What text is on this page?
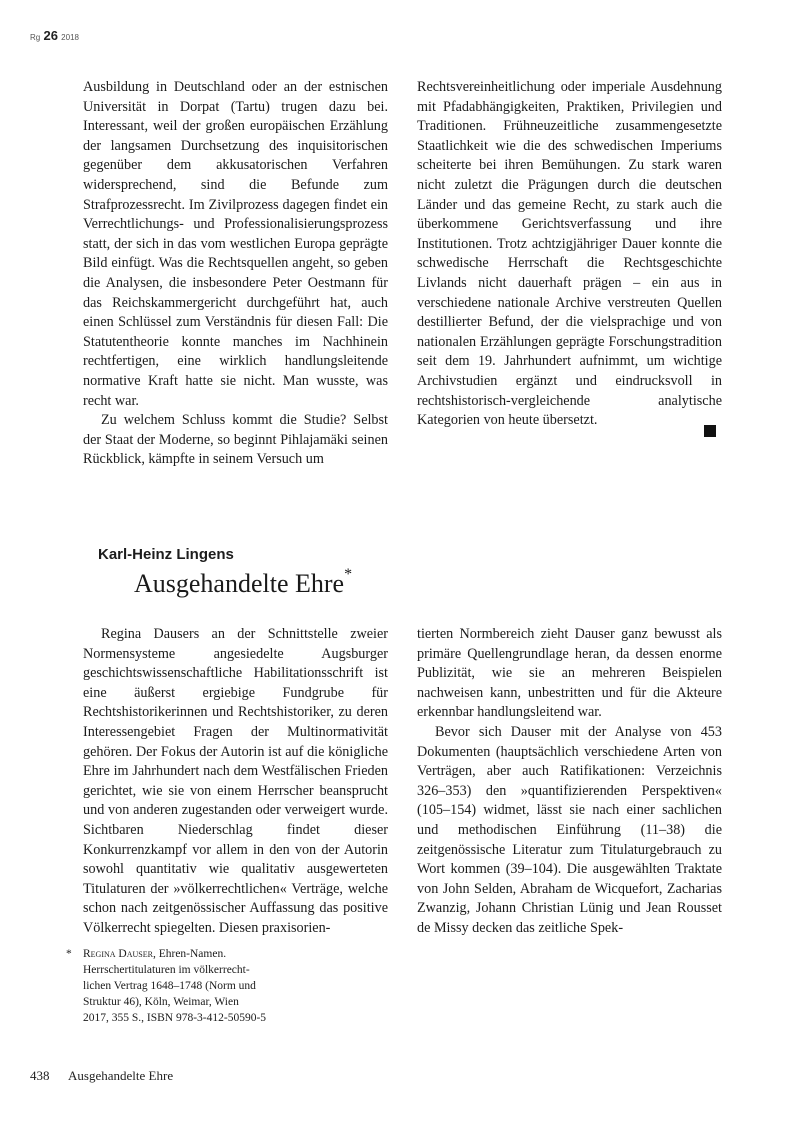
Rg 26 2018

Ausbildung in Deutschland oder an der estnischen Universität in Dorpat (Tartu) trugen dazu bei. Interessant, weil der großen europäischen Erzählung der langsamen Durchsetzung des inquisitorischen gegenüber dem akkusatorischen Verfahren widersprechend, sind die Befunde zum Strafprozessrecht. Im Zivilprozess dagegen findet ein Verrechtlichungs- und Professionalisierungsprozess statt, der sich in das vom westlichen Europa geprägte Bild einfügt. Was die Rechtsquellen angeht, so geben die Analysen, die insbesondere Peter Oestmann für das Reichskammergericht durchgeführt hat, auch einen Schlüssel zum Verständnis für diesen Fall: Die Statutentheorie konnte manches im Nachhinein rechtfertigen, eine wirklich handlungsleitende normative Kraft hatte sie nicht. Man wusste, was recht war.

Zu welchem Schluss kommt die Studie? Selbst der Staat der Moderne, so beginnt Pihlajamäki seinen Rückblick, kämpfte in seinem Versuch um

Rechtsvereinheitlichung oder imperiale Ausdehnung mit Pfadabhängigkeiten, Praktiken, Privilegien und Traditionen. Frühneuzeitliche zusammengesetzte Staatlichkeit wie die des schwedischen Imperiums scheiterte bei ihren Bemühungen. Zu stark waren nicht zuletzt die Prägungen durch die deutschen Länder und das gemeine Recht, zu stark auch die überkommene Gerichtsverfassung und ihre Institutionen. Trotz achtzigjähriger Dauer konnte die schwedische Herrschaft die Rechtsgeschichte Livlands nicht dauerhaft prägen – ein aus in verschiedene nationale Archive verstreuten Quellen destillierter Befund, der die vielsprachige und von nationalen Erzählungen geprägte Forschungstradition seit dem 19. Jahrhundert aufnimmt, um wichtige Archivstudien ergänzt und eindrucksvoll in rechtshistorisch-vergleichende analytische Kategorien von heute übersetzt.

Karl-Heinz Lingens
Ausgehandelte Ehre*

Regina Dausers an der Schnittstelle zweier Normensysteme angesiedelte Augsburger geschichtswissenschaftliche Habilitationsschrift ist eine äußerst ergiebige Fundgrube für Rechtshistorikerinnen und Rechtshistoriker, zu deren Interessengebiet Fragen der Multinormativität gehören. Der Fokus der Autorin ist auf die königliche Ehre im Jahrhundert nach dem Westfälischen Frieden gerichtet, wie sie von einem Herrscher beansprucht und von anderen zugestanden oder verweigert wurde. Sichtbaren Niederschlag findet dieser Konkurrenzkampf vor allem in den von der Autorin sowohl quantitativ wie qualitativ ausgewerteten Titulaturen der »völkerrechtlichen« Verträge, welche schon nach zeitgenössischer Auffassung das positive Völkerrecht spiegelten. Diesen praxisorien-

tierten Normbereich zieht Dauser ganz bewusst als primäre Quellengrundlage heran, da dessen enorme Publizität, wie sie an mehreren Beispielen nachweisen kann, unbestritten und für die Akteure erkennbar handlungsleitend war.

Bevor sich Dauser mit der Analyse von 453 Dokumenten (hauptsächlich verschiedene Arten von Verträgen, aber auch Ratifikationen: Verzeichnis 326–353) den »quantifizierenden Perspektiven« (105–154) widmet, lässt sie nach einer sachlichen und methodischen Einführung (11–38) die zeitgenössische Literatur zum Titulaturgebrauch zu Wort kommen (39–104). Die ausgewählten Traktate von John Selden, Abraham de Wicquefort, Zacharias Zwanzig, Johann Christian Lünig und Jean Rousset de Missy decken das zeitliche Spek-

* Regina Dauser, Ehren-Namen.
Herrschertitulaturen im völkerrecht-
lichen Vertrag 1648–1748 (Norm und
Struktur 46), Köln, Weimar, Wien
2017, 355 S., ISBN 978-3-412-50590-5
438 Ausgehandelte Ehre
